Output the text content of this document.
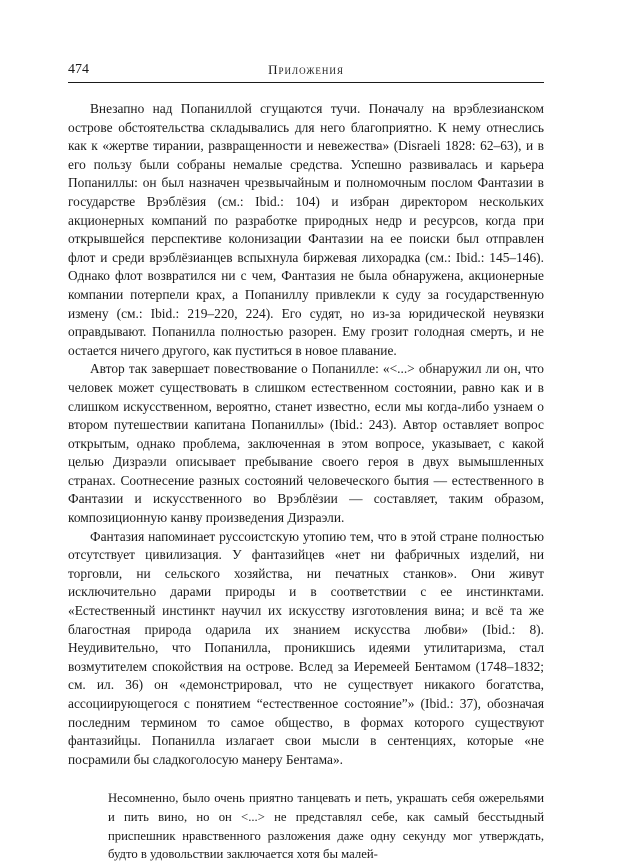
474	Приложения

Внезапно над Попаниллой сгущаются тучи. Поначалу на врэблезианском острове обстоятельства складывались для него благоприятно. К нему отнеслись как к «жертве тирании, развращенности и невежества» (Disraeli 1828: 62–63), и в его пользу были собраны немалые средства. Успешно развивалась и карьера Попаниллы: он был назначен чрезвычайным и полномочным послом Фантазии в государстве Врэблёзия (см.: Ibid.: 104) и избран директором нескольких акционерных компаний по разработке природных недр и ресурсов, когда при открывшейся перспективе колонизации Фантазии на ее поиски был отправлен флот и среди врэблёзианцев вспыхнула биржевая лихорадка (см.: Ibid.: 145–146). Однако флот возвратился ни с чем, Фантазия не была обнаружена, акционерные компании потерпели крах, а Попаниллу привлекли к суду за государственную измену (см.: Ibid.: 219–220, 224). Его судят, но из-за юридической неувязки оправдывают. Попанилла полностью разорен. Ему грозит голодная смерть, и не остается ничего другого, как пуститься в новое плавание.

Автор так завершает повествование о Попанилле: «<...> обнаружил ли он, что человек может существовать в слишком естественном состоянии, равно как и в слишком искусственном, вероятно, станет известно, если мы когда-либо узнаем о втором путешествии капитана Попаниллы» (Ibid.: 243). Автор оставляет вопрос открытым, однако проблема, заключенная в этом вопросе, указывает, с какой целью Дизраэли описывает пребывание своего героя в двух вымышленных странах. Соотнесение разных состояний человеческого бытия — естественного в Фантазии и искусственного во Врэблёзии — составляет, таким образом, композиционную канву произведения Дизраэли.

Фантазия напоминает руссоистскую утопию тем, что в этой стране полностью отсутствует цивилизация. У фантазийцев «нет ни фабричных изделий, ни торговли, ни сельского хозяйства, ни печатных станков». Они живут исключительно дарами природы и в соответствии с ее инстинктами. «Естественный инстинкт научил их искусству изготовления вина; и всё та же благостная природа одарила их знанием искусства любви» (Ibid.: 8). Неудивительно, что Попанилла, проникшись идеями утилитаризма, стал возмутителем спокойствия на острове. Вслед за Иеремеей Бентамом (1748–1832; см. ил. 36) он «демонстрировал, что не существует никакого богатства, ассоциирующегося с понятием “естественное состояние”» (Ibid.: 37), обозначая последним термином то самое общество, в формах которого существуют фантазийцы. Попанилла излагает свои мысли в сентенциях, которые «не посрамили бы сладкоголосую манеру Бентама».

Несомненно, было очень приятно танцевать и петь, украшать себя ожерельями и пить вино, но он <...> не представлял себе, как самый бесстыдный приспешник нравственного разложения даже одну секунду мог утверждать, будто в удовольствии заключается хотя бы малей-
